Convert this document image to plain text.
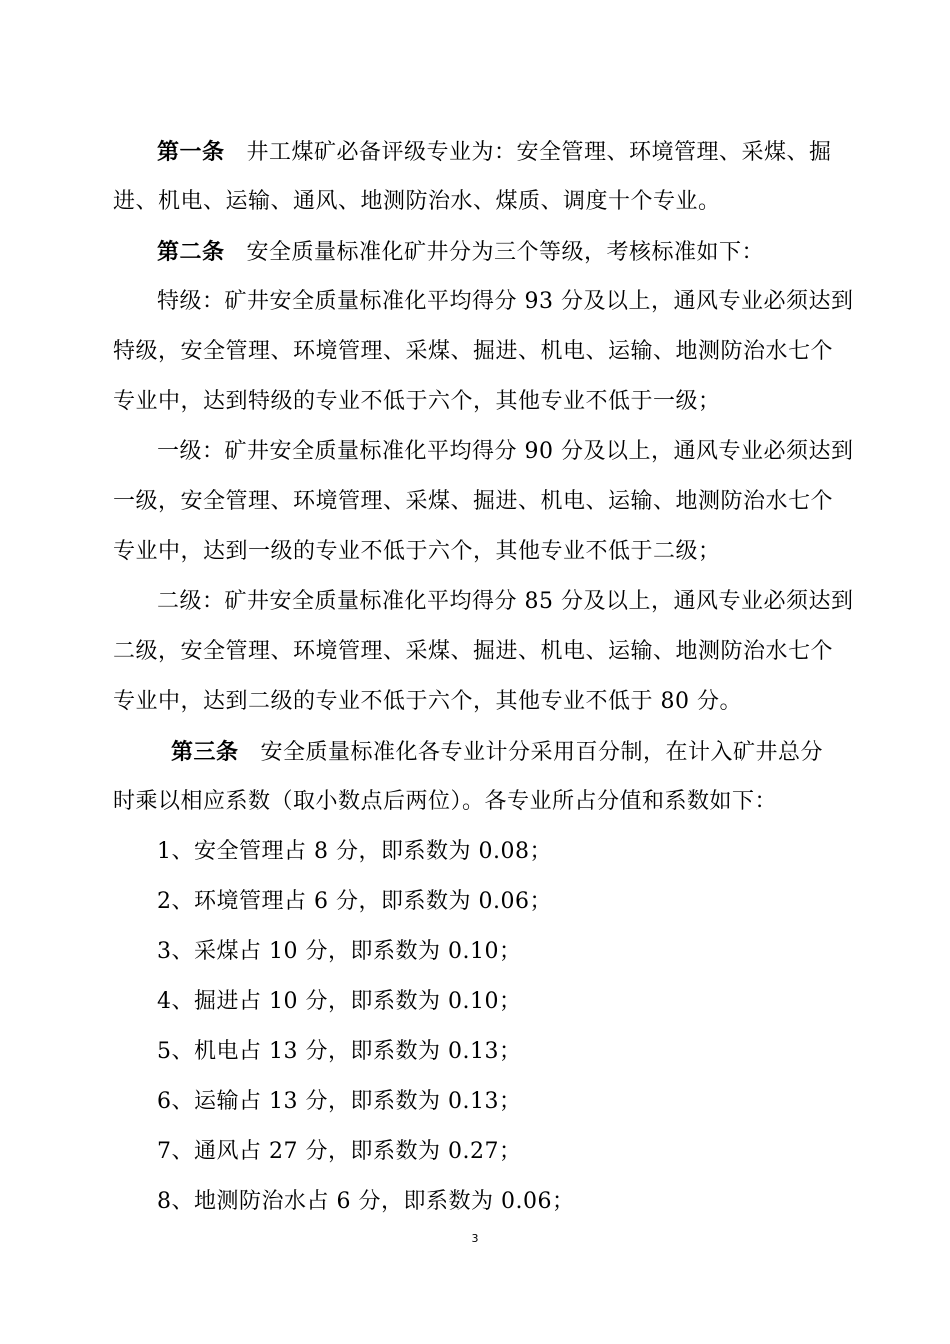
第一条 井工煤矿必备评级专业为：安全管理、环境管理、采煤、掘
进、机电、运输、通风、地测防治水、煤质、调度十个专业。
第二条 安全质量标准化矿井分为三个等级，考核标准如下：
特级：矿井安全质量标准化平均得分 93 分及以上，通风专业必须达到
特级，安全管理、环境管理、采煤、掘进、机电、运输、地测防治水七个
专业中，达到特级的专业不低于六个，其他专业不低于一级；
一级：矿井安全质量标准化平均得分 90 分及以上，通风专业必须达到
一级，安全管理、环境管理、采煤、掘进、机电、运输、地测防治水七个
专业中，达到一级的专业不低于六个，其他专业不低于二级；
二级：矿井安全质量标准化平均得分 85 分及以上，通风专业必须达到
二级，安全管理、环境管理、采煤、掘进、机电、运输、地测防治水七个
专业中，达到二级的专业不低于六个，其他专业不低于 80 分。
第三条 安全质量标准化各专业计分采用百分制，在计入矿井总分
时乘以相应系数（取小数点后两位）。各专业所占分值和系数如下：
1、安全管理占 8 分，即系数为 0.08；
2、环境管理占 6 分，即系数为 0.06；
3、采煤占 10 分，即系数为 0.10；
4、掘进占 10 分，即系数为 0.10；
5、机电占 13 分，即系数为 0.13；
6、运输占 13 分，即系数为 0.13；
7、通风占 27 分，即系数为 0.27；
8、地测防治水占 6 分，即系数为 0.06；
3
